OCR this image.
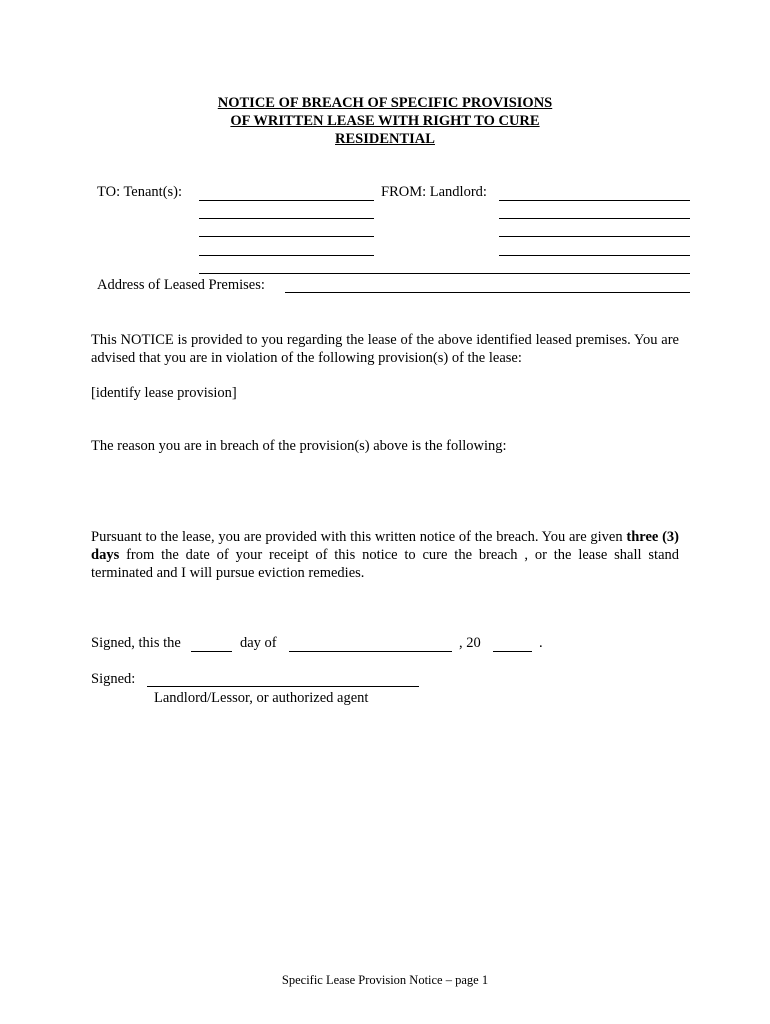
NOTICE OF BREACH OF SPECIFIC PROVISIONS
OF WRITTEN LEASE WITH RIGHT TO CURE
RESIDENTIAL
TO: Tenant(s):	FROM: Landlord:
Address of Leased Premises:
This NOTICE is provided to you regarding the lease of the above identified leased premises. You are advised that you are in violation of the following provision(s) of the lease:
[identify lease provision]
The reason you are in breach of the provision(s) above is the following:
Pursuant to the lease, you are provided with this written notice of the breach. You are given three (3) days from the date of your receipt of this notice to cure the breach , or the lease shall stand terminated and I will pursue eviction remedies.
Signed, this the	day of	, 20	.
Signed:
Landlord/Lessor, or authorized agent
Specific Lease Provision Notice – page 1
